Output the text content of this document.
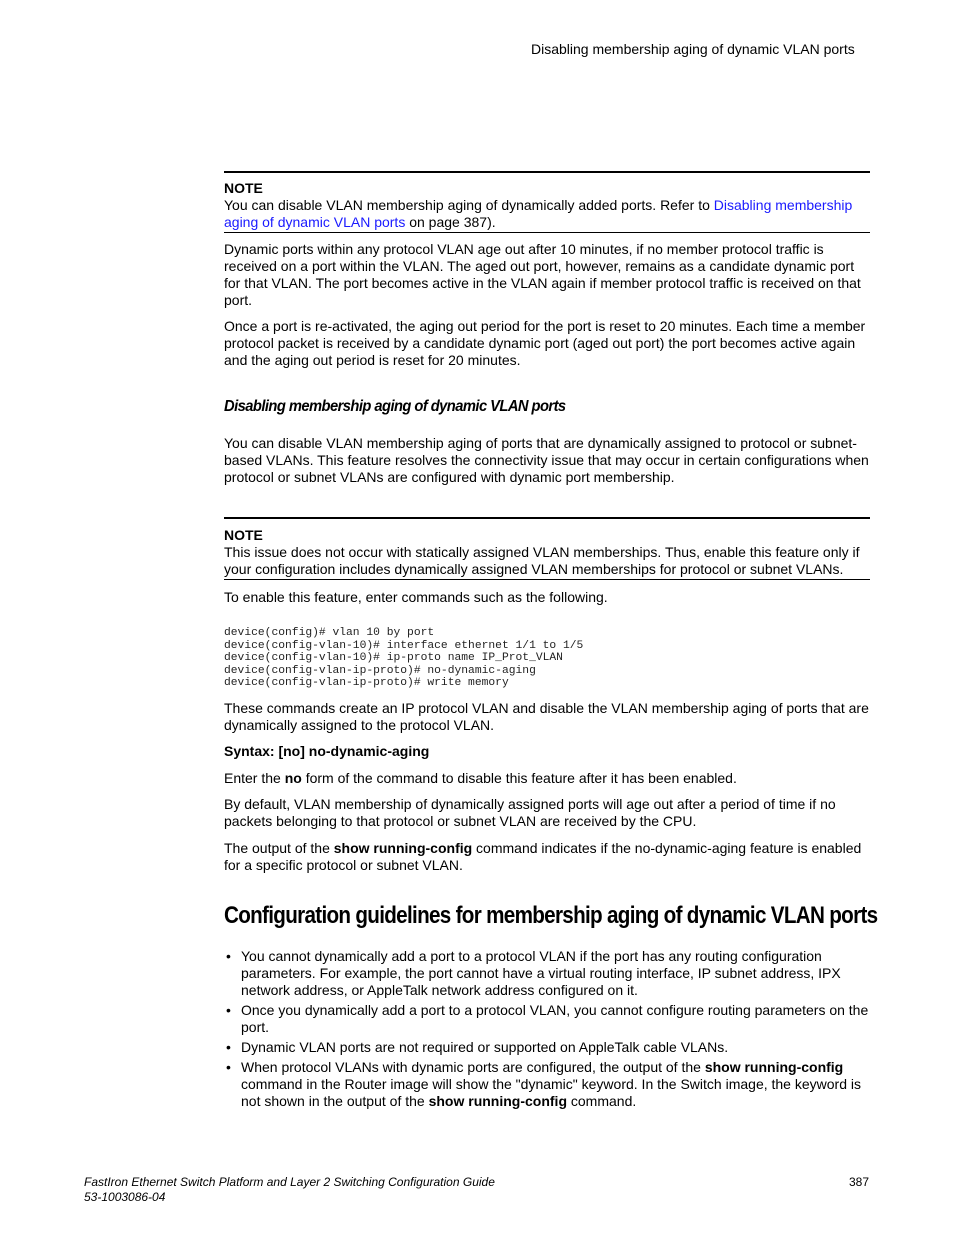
Disabling membership aging of dynamic VLAN ports
NOTE

You can disable VLAN membership aging of dynamically added ports. Refer to Disabling membership aging of dynamic VLAN ports on page 387).

Dynamic ports within any protocol VLAN age out after 10 minutes, if no member protocol traffic is received on a port within the VLAN. The aged out port, however, remains as a candidate dynamic port for that VLAN. The port becomes active in the VLAN again if member protocol traffic is received on that port.

Once a port is re-activated, the aging out period for the port is reset to 20 minutes. Each time a member protocol packet is received by a candidate dynamic port (aged out port) the port becomes active again and the aging out period is reset for 20 minutes.

Disabling membership aging of dynamic VLAN ports

You can disable VLAN membership aging of ports that are dynamically assigned to protocol or subnet-based VLANs. This feature resolves the connectivity issue that may occur in certain configurations when protocol or subnet VLANs are configured with dynamic port membership.

NOTE

This issue does not occur with statically assigned VLAN memberships. Thus, enable this feature only if your configuration includes dynamically assigned VLAN memberships for protocol or subnet VLANs.

To enable this feature, enter commands such as the following.

device(config)# vlan 10 by port
device(config-vlan-10)# interface ethernet 1/1 to 1/5
device(config-vlan-10)# ip-proto name IP_Prot_VLAN
device(config-vlan-ip-proto)# no-dynamic-aging
device(config-vlan-ip-proto)# write memory

These commands create an IP protocol VLAN and disable the VLAN membership aging of ports that are dynamically assigned to the protocol VLAN.

Syntax: [no] no-dynamic-aging

Enter the no form of the command to disable this feature after it has been enabled.

By default, VLAN membership of dynamically assigned ports will age out after a period of time if no packets belonging to that protocol or subnet VLAN are received by the CPU.

The output of the show running-config command indicates if the no-dynamic-aging feature is enabled for a specific protocol or subnet VLAN.

Configuration guidelines for membership aging of dynamic VLAN ports
• You cannot dynamically add a port to a protocol VLAN if the port has any routing configuration parameters. For example, the port cannot have a virtual routing interface, IP subnet address, IPX network address, or AppleTalk network address configured on it.

• Once you dynamically add a port to a protocol VLAN, you cannot configure routing parameters on the port.

• Dynamic VLAN ports are not required or supported on AppleTalk cable VLANs.

• When protocol VLANs with dynamic ports are configured, the output of the show running-config command in the Router image will show the "dynamic" keyword. In the Switch image, the keyword is not shown in the output of the show running-config command.

FastIron Ethernet Switch Platform and Layer 2 Switching Configuration Guide
53-1003086-04
387
